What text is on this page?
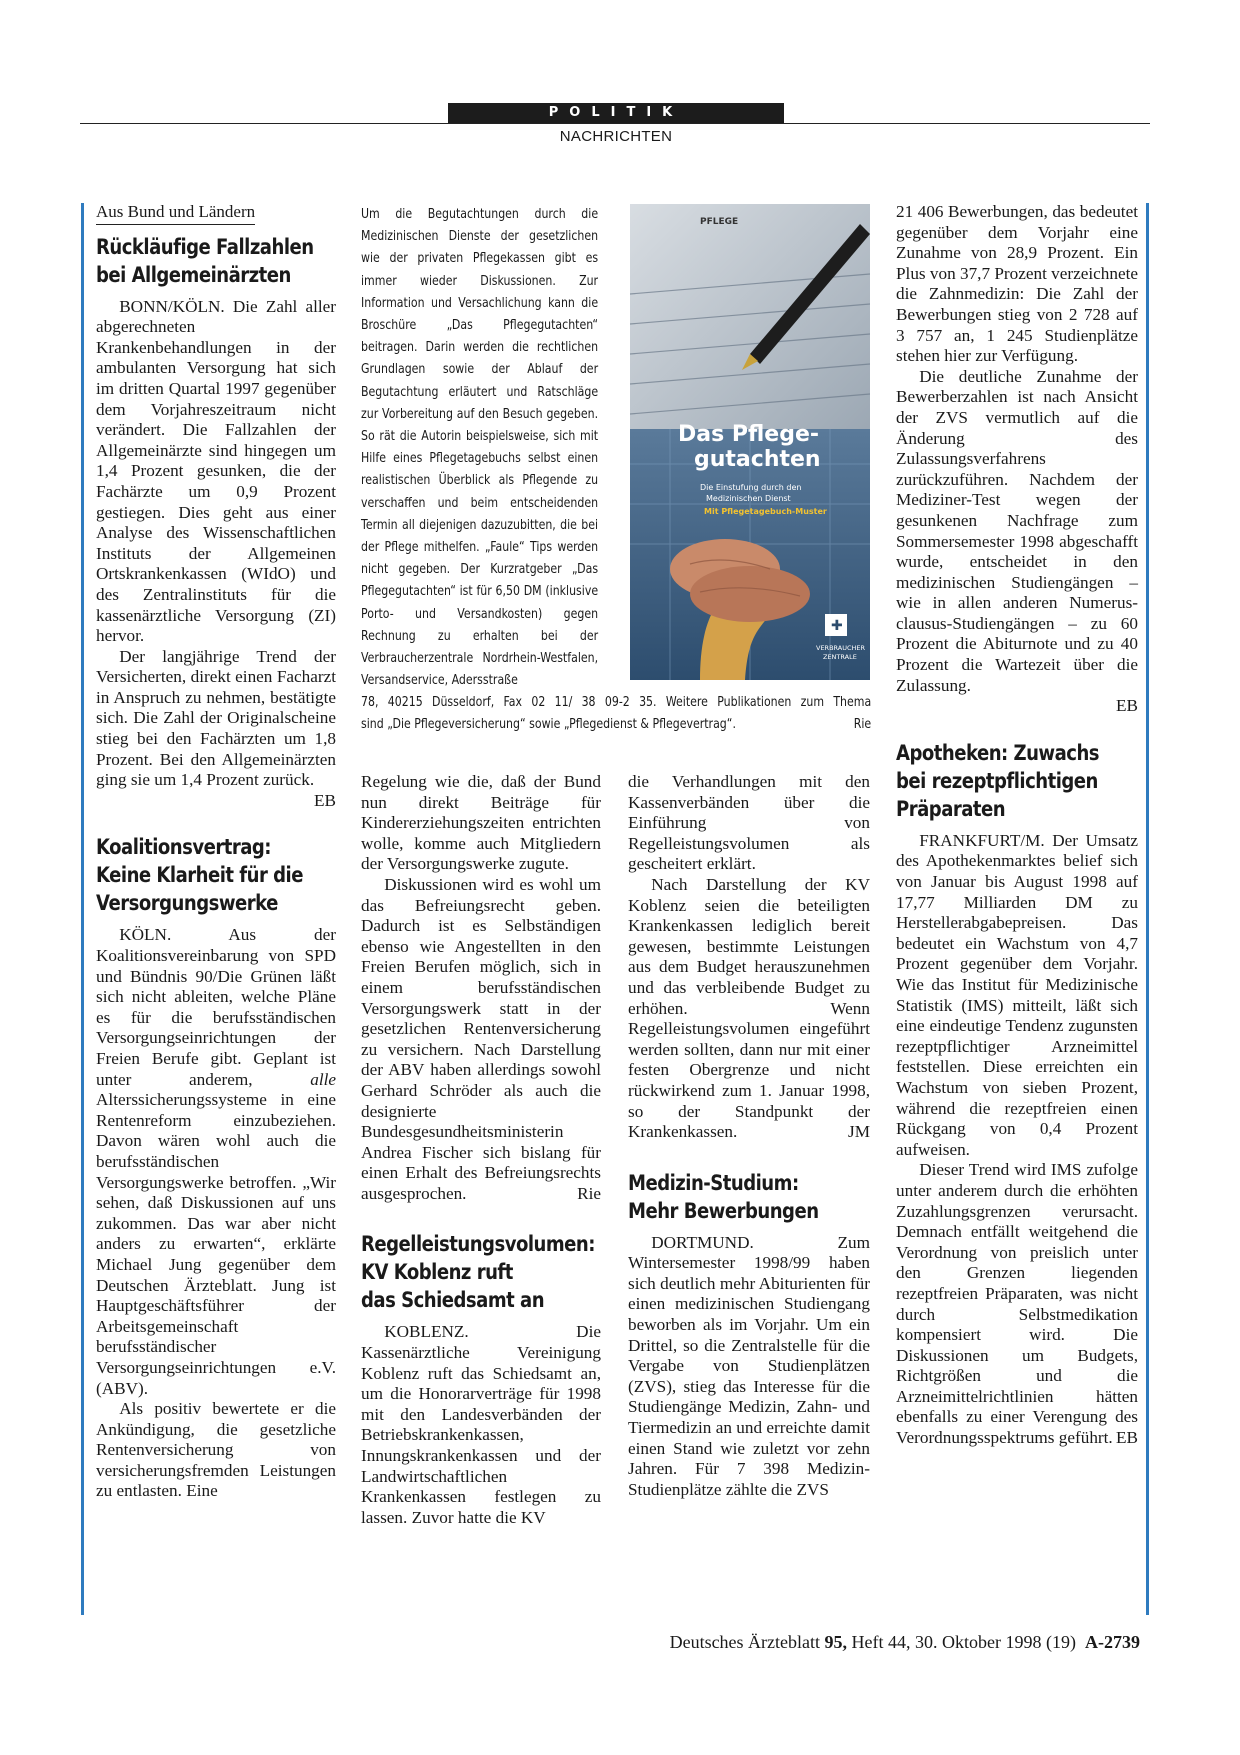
POLITIK
NACHRICHTEN
Aus Bund und Ländern
Rückläufige Fallzahlen
bei Allgemeinärzten

BONN/KÖLN. Die Zahl aller abgerechneten Krankenbehandlungen in der ambulanten Versorgung hat sich im dritten Quartal 1997 gegenüber dem Vorjahreszeitraum nicht verändert. Die Fallzahlen der Allgemeinärzte sind hingegen um 1,4 Prozent gesunken, die der Fachärzte um 0,9 Prozent gestiegen. Dies geht aus einer Analyse des Wissenschaftlichen Instituts der Allgemeinen Ortskrankenkassen (WIdO) und des Zentralinstituts für die kassenärztliche Versorgung (ZI) hervor.

Der langjährige Trend der Versicherten, direkt einen Facharzt in Anspruch zu nehmen, bestätigte sich. Die Zahl der Originalscheine stieg bei den Fachärzten um 1,8 Prozent. Bei den Allgemeinärzten ging sie um 1,4 Prozent zurück.

EB
Koalitionsvertrag:
Keine Klarheit für die
Versorgungswerke

KÖLN. Aus der Koalitionsvereinbarung von SPD und Bündnis 90/Die Grünen läßt sich nicht ableiten, welche Pläne es für die berufsständischen Versorgungseinrichtungen der Freien Berufe gibt. Geplant ist unter anderem,	alle Alterssicherungssysteme in eine Rentenreform einzubeziehen. Davon wären wohl auch die berufsständischen Versorgungswerke betroffen. „Wir sehen, daß Diskussionen auf uns zukommen. Das war aber nicht anders zu erwarten“, erklärte Michael Jung gegenüber dem Deutschen Ärzteblatt. Jung ist Hauptgeschäftsführer der Arbeitsgemeinschaft berufsständischer Versorgungseinrichtungen e.V. (ABV).

Als positiv bewertete er die Ankündigung, die gesetzliche Rentenversicherung von versicherungsfremden Leistungen zu entlasten. Eine

Um die Begutachtungen durch die Medizinischen Dienste der gesetzlichen wie der privaten Pflegekassen gibt es immer wieder Diskussionen. Zur Information und Versachlichung kann die Broschüre „Das Pflegegutachten“ beitragen. Darin werden die rechtlichen Grundlagen sowie der Ablauf der Begutachtung erläutert und Ratschläge zur Vorbereitung auf den Besuch gegeben. So rät die Autorin beispielsweise, sich mit Hilfe eines Pflegetagebuchs selbst einen realistischen Überblick als Pflegende zu verschaffen und beim entscheidenden Termin all diejenigen dazuzubitten, die bei der Pflege mithelfen. „Faule“ Tips werden nicht gegeben. Der Kurzratgeber „Das Pflegegutachten“ ist für 6,50 DM (inklusive Porto- und Versandkosten) gegen Rechnung zu erhalten bei der Verbraucherzentrale Nordrhein-Westfalen, Versandservice, Adersstraße
PFLEGE
Das Pflege-
gutachten
Die Einstufung durch den
Medizinischen Dienst
Mit Pflegetagebuch-Muster
✚
VERBRAUCHER
ZENTRALE
78, 40215 Düsseldorf, Fax 02 11/ 38 09-2 35. Weitere Publikationen zum Thema
sind „Die Pflegeversicherung“ sowie „Pflegedienst & Pflegevertrag“.	Rie

Regelung wie die, daß der Bund nun direkt Beiträge für Kindererziehungszeiten entrichten wolle, komme auch Mitgliedern der Versorgungswerke zugute.

Diskussionen wird es wohl um das Befreiungsrecht geben. Dadurch ist es Selbständigen ebenso wie Angestellten in den Freien Berufen möglich, sich in einem berufsständischen Versorgungswerk statt in der gesetzlichen Rentenversicherung zu versichern. Nach Darstellung der ABV haben allerdings sowohl Gerhard Schröder als auch die designierte Bundesgesundheitsministerin Andrea Fischer sich bislang für einen Erhalt des Befreiungsrechts ausgesprochen.	Rie
Regelleistungsvolumen:
KV Koblenz ruft
das Schiedsamt an

KOBLENZ. Die Kassenärztliche Vereinigung Koblenz ruft das Schiedsamt an, um die Honorarverträge für 1998 mit den Landesverbänden der Betriebskrankenkassen, Innungskrankenkassen und der Landwirtschaftlichen Krankenkassen festlegen zu lassen. Zuvor hatte die KV

die Verhandlungen mit den Kassenverbänden über die Einführung von Regelleistungsvolumen als gescheitert erklärt.

Nach Darstellung der KV Koblenz seien die beteiligten Krankenkassen lediglich bereit gewesen, bestimmte Leistungen aus dem Budget herauszunehmen und das verbleibende Budget zu erhöhen. Wenn Regelleistungsvolumen eingeführt werden sollten, dann nur mit einer festen Obergrenze und nicht rückwirkend zum 1. Januar 1998, so der Standpunkt der Krankenkassen.	JM
Medizin-Studium:
Mehr Bewerbungen

DORTMUND. Zum Wintersemester 1998/99 haben sich deutlich mehr Abiturienten für einen medizinischen Studiengang beworben als im Vorjahr. Um ein Drittel, so die Zentralstelle für die Vergabe von Studienplätzen (ZVS), stieg das Interesse für die Studiengänge Medizin, Zahn- und Tiermedizin an und erreichte damit einen Stand wie zuletzt vor zehn Jahren. Für 7 398 Medizin-Studienplätze zählte die ZVS

21 406 Bewerbungen, das bedeutet gegenüber dem Vorjahr eine Zunahme von 28,9 Prozent. Ein Plus von 37,7 Prozent verzeichnete die Zahnmedizin: Die Zahl der Bewerbungen stieg von 2 728 auf 3 757 an, 1 245 Studienplätze stehen hier zur Verfügung.

Die deutliche Zunahme der Bewerberzahlen ist nach Ansicht der ZVS vermutlich auf die Änderung des Zulassungsverfahrens zurückzuführen. Nachdem der Mediziner-Test wegen der gesunkenen Nachfrage zum Sommersemester 1998 abgeschafft wurde, entscheidet in den medizinischen Studiengängen – wie in allen anderen Numerus-clausus-Studiengängen – zu 60 Prozent die Abiturnote und zu 40 Prozent die Wartezeit über die Zulassung.

EB
Apotheken: Zuwachs
bei rezeptpflichtigen
Präparaten

FRANKFURT/M. Der Umsatz des Apothekenmarktes belief sich von Januar bis August 1998 auf 17,77 Milliarden DM zu Herstellerabgabepreisen. Das bedeutet ein Wachstum von 4,7 Prozent gegenüber dem Vorjahr. Wie das Institut für Medizinische Statistik (IMS) mitteilt, läßt sich eine eindeutige Tendenz zugunsten rezeptpflichtiger Arzneimittel feststellen. Diese erreichten ein Wachstum von sieben Prozent, während die rezeptfreien einen Rückgang von 0,4 Prozent aufweisen.

Dieser Trend wird IMS zufolge unter anderem durch die erhöhten Zuzahlungsgrenzen verursacht. Demnach entfällt weitgehend die Verordnung von preislich unter den Grenzen liegenden rezeptfreien Präparaten, was nicht durch Selbstmedikation kompensiert wird. Die Diskussionen um Budgets, Richtgrößen und die Arzneimittelrichtlinien hätten ebenfalls zu einer Verengung des Verordnungsspektrums geführt. EB
Deutsches Ärzteblatt 95, Heft 44, 30. Oktober 1998 (19) A-2739
